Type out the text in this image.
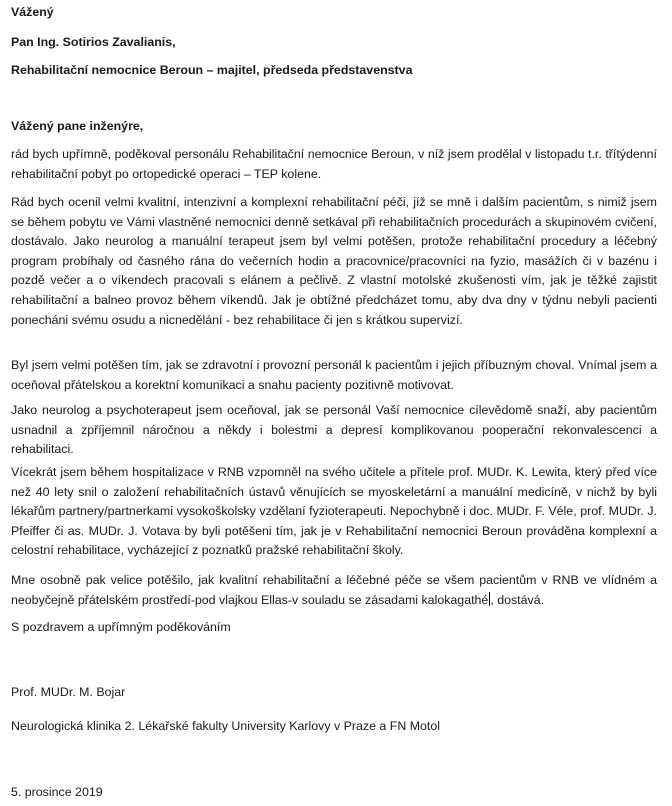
Vážený

Pan Ing. Sotirios Zavalianis,

Rehabilitační nemocnice Beroun – majitel, předseda představenstva

Vážený pane inženýre,

rád bych upřímně, poděkoval personálu Rehabilitační nemocnice Beroun, v níž jsem prodělal v listopadu t.r. třítýdenní rehabilitační pobyt po ortopedické operaci – TEP kolene.

Rád bych ocenil velmi kvalitní, intenzivní a komplexní rehabilitační péči, jíž se mně i dalším pacientům, s nimiž jsem se během pobytu ve Vámi vlastněné nemocnici denně setkával při rehabilitačních procedurách a skupinovém cvičení, dostávalo. Jako neurolog a manuální terapeut jsem byl velmi potěšen, protože rehabilitační procedury a léčebný program probíhaly od časného rána do večerních hodin a pracovnice/pracovníci na fyzio, masážích či v bazénu i pozdě večer a o víkendech pracovali s elánem a pečlivě. Z vlastní motolské zkušenosti vím, jak je těžké zajistit rehabilitační a balneo provoz během víkendů. Jak je obtížné předcházet tomu, aby dva dny v týdnu nebyli pacienti ponecháni svému osudu a nicnedělání - bez rehabilitace či jen s krátkou supervizí.

Byl jsem velmi potěšen tím, jak se zdravotní i provozní personál k pacientům i jejich příbuzným choval. Vnímal jsem a oceňoval přátelskou a korektní komunikaci a snahu pacienty pozitivně motivovat.

Jako neurolog a psychoterapeut jsem oceňoval, jak se personál Vaší nemocnice cílevědomě snaží, aby pacientům usnadnil a zpříjemnil náročnou a někdy i bolestmi a depresí komplikovanou pooperační rekonvalescenci a rehabilitaci.

Vícekrát jsem během hospitalizace v RNB vzpomněl na svého učitele a přítele prof. MUDr. K. Lewita, který před více než 40 lety snil o založení rehabilitačních ústavů věnujících se myoskeletární a manuální medicíně, v nichž by byli lékařům partnery/partnerkami vysokoškolsky vzdělaní fyzioterapeuti. Nepochybně i doc. MUDr. F. Véle, prof. MUDr. J. Pfeiffer či as. MUDr. J. Votava by byli potěšeni tím, jak je v Rehabilitační nemocnici Beroun prováděna komplexní a celostní rehabilitace, vycházející z poznatků pražské rehabilitační školy.

Mne osobně pak velice potěšilo, jak kvalitní rehabilitační a léčebné péče se všem pacientům v RNB ve vlídném a neobyčejně přátelském prostředí-pod vlajkou Ellas-v souladu se zásadami kalokagathé , dostává.

S pozdravem a upřímným poděkováním

Prof. MUDr. M. Bojar

Neurologická klinika 2. Lékařské fakulty University Karlovy v Praze a FN Motol

5. prosince 2019
